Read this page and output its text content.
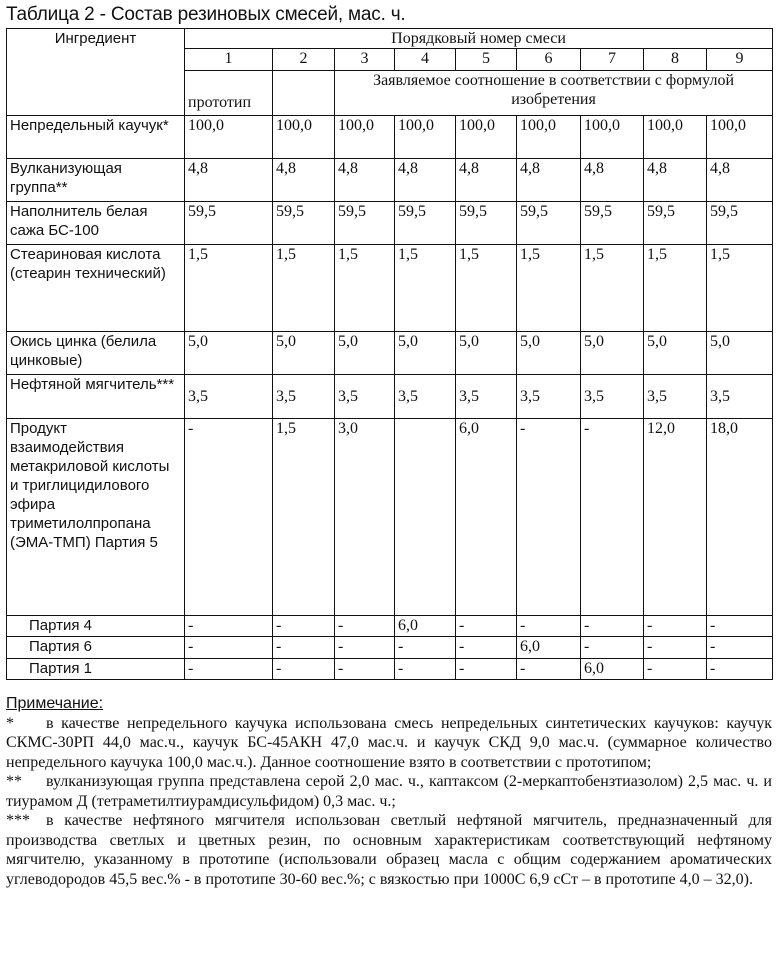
Таблица 2 - Состав резиновых смесей, мас. ч.
Ингредиент	Порядковый номер смеси								
	1	2	3	4	5	6	7	8	9
	прототип		Заявляемое соотношение в соответствии с формулой изобретения						
Непредельный каучук*	100,0	100,0	100,0	100,0	100,0	100,0	100,0	100,0	100,0
Вулканизующая группа**	4,8	4,8	4,8	4,8	4,8	4,8	4,8	4,8	4,8
Наполнитель белая сажа БС-100	59,5	59,5	59,5	59,5	59,5	59,5	59,5	59,5	59,5
Стеариновая кислота (стеарин технический)	1,5	1,5	1,5	1,5	1,5	1,5	1,5	1,5	1,5
Окись цинка (белила цинковые)	5,0	5,0	5,0	5,0	5,0	5,0	5,0	5,0	5,0
Нефтяной мягчитель***	3,5	3,5	3,5	3,5	3,5	3,5	3,5	3,5	3,5
Продукт взаимодействия метакриловой кислоты и триглицидилового эфира триметилолпропана (ЭМА-ТМП) Партия 5	-	1,5	3,0		6,0	-	-	12,0	18,0
Партия 4	-	-	-	6,0	-	-	-	-	-
Партия 6	-	-	-	-	-	6,0	-	-	-
Партия 1	-	-	-	-	-	-	6,0	-	-

Примечание:

* в качестве непредельного каучука использована смесь непредельных синтетических каучуков: каучук СКМС-30РП 44,0 мас.ч., каучук БС-45АКН 47,0 мас.ч. и каучук СКД 9,0 мас.ч. (суммарное количество непредельного каучука 100,0 мас.ч.). Данное соотношение взято в соответствии с прототипом;

** вулканизующая группа представлена серой 2,0 мас. ч., каптаксом (2-меркаптобензтиазолом) 2,5 мас. ч. и тиурамом Д (тетраметилтиурамдисульфидом) 0,3 мас. ч.;

*** в качестве нефтяного мягчителя использован светлый нефтяной мягчитель, предназначенный для производства светлых и цветных резин, по основным характеристикам соответствующий нефтяному мягчителю, указанному в прототипе (использовали образец масла с общим содержанием ароматических углеводородов 45,5 вес.% - в прототипе 30-60 вес.%; с вязкостью при 1000С 6,9 сСт – в прототипе 4,0 – 32,0).
